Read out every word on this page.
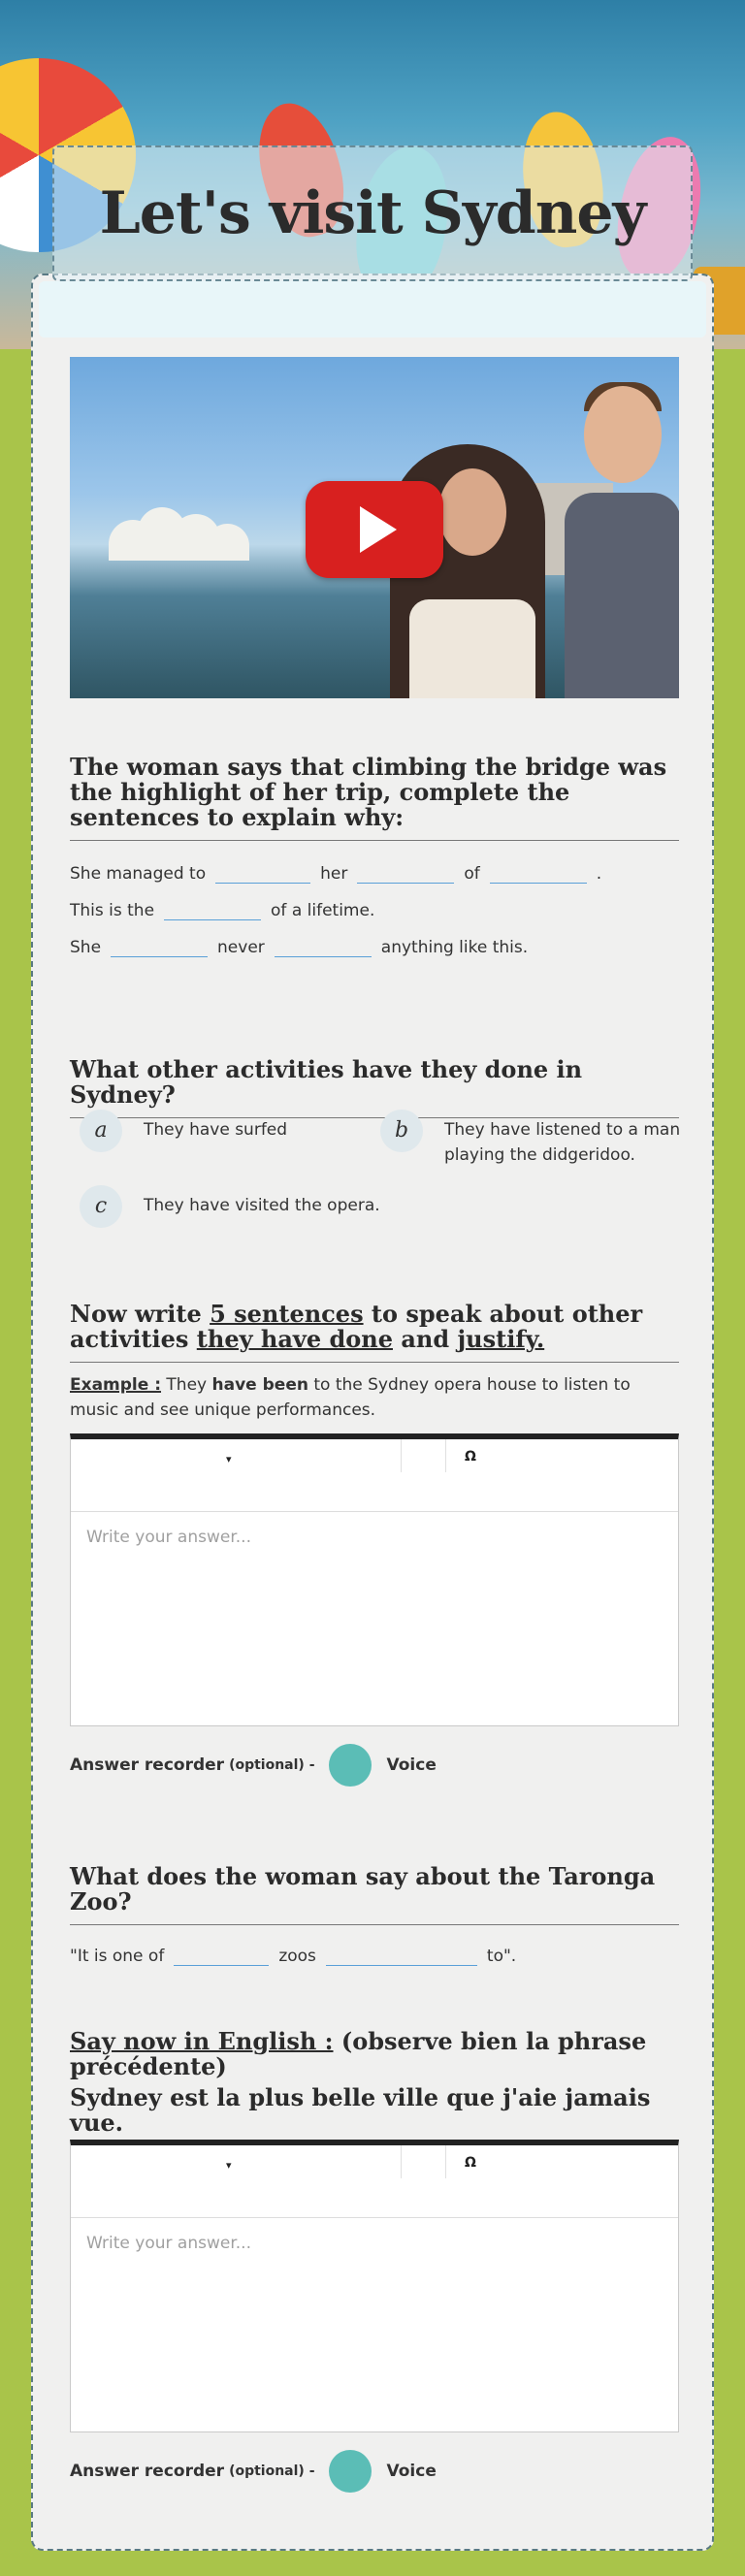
The woman says that climbing the bridge was the highlight of her trip, complete the sentences to explain why:
She managed to	her	of	.
This is the	of a lifetime.
She	never	anything like this.
What other activities have they done in Sydney?
a	They have surfed	b	They have listened to a man playing the didgeridoo.
c	They have visited the opera.
Now write 5 sentences to speak about other activities they have done and justify.
Example : They have been to the Sydney opera house to listen to music and see unique performances.
▾	Ω
Write your answer...
Answer recorder (optional) -	Voice
What does the woman say about the Taronga Zoo?
"It is one of	zoos	to".
Say now in English : (observe bien la phrase précédente)
Sydney est la plus belle ville que j'aie jamais vue.
▾	Ω
Write your answer...
Answer recorder (optional) -	Voice
Let's visit Sydney
